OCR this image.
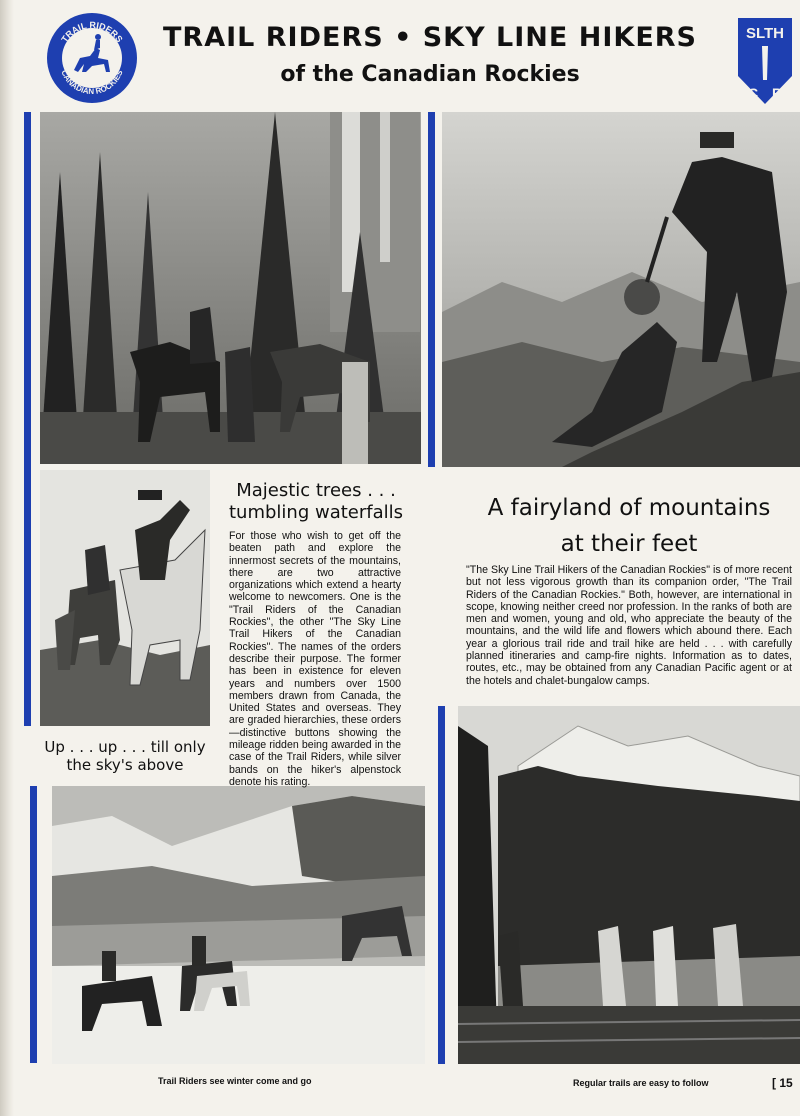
TRAIL RIDERS
CANADIAN ROCKIES
TRAIL RIDERS • SKY LINE HIKERS
of the Canadian Rockies
SLTH
C R
Majestic trees . . .
tumbling waterfalls
For those who wish to get off the beaten path and explore the innermost secrets of the mountains, there are two attractive organizations which extend a hearty welcome to newcomers. One is the "Trail Riders of the Canadian Rockies", the other "The Sky Line Trail Hikers of the Canadian Rockies". The names of the orders describe their purpose. The former has been in existence for eleven years and numbers over 1500 members drawn from Canada, the United States and overseas. They are graded hierarchies, these orders—distinctive buttons showing the mileage ridden being awarded in the case of the Trail Riders, while silver bands on the hiker's alpenstock denote his rating.
Up . . . up . . . till only
the sky's above
A fairyland of mountains
at their feet
"The Sky Line Trail Hikers of the Canadian Rockies" is of more recent but not less vigorous growth than its companion order, "The Trail Riders of the Canadian Rockies." Both, however, are international in scope, knowing neither creed nor profession. In the ranks of both are men and women, young and old, who appreciate the beauty of the mountains, and the wild life and flowers which abound there. Each year a glorious trail ride and trail hike are held . . . with carefully planned itineraries and camp-fire nights. Information as to dates, routes, etc., may be obtained from any Canadian Pacific agent or at the hotels and chalet-bungalow camps.
Trail Riders see winter come and go	Regular trails are easy to follow	[ 15
